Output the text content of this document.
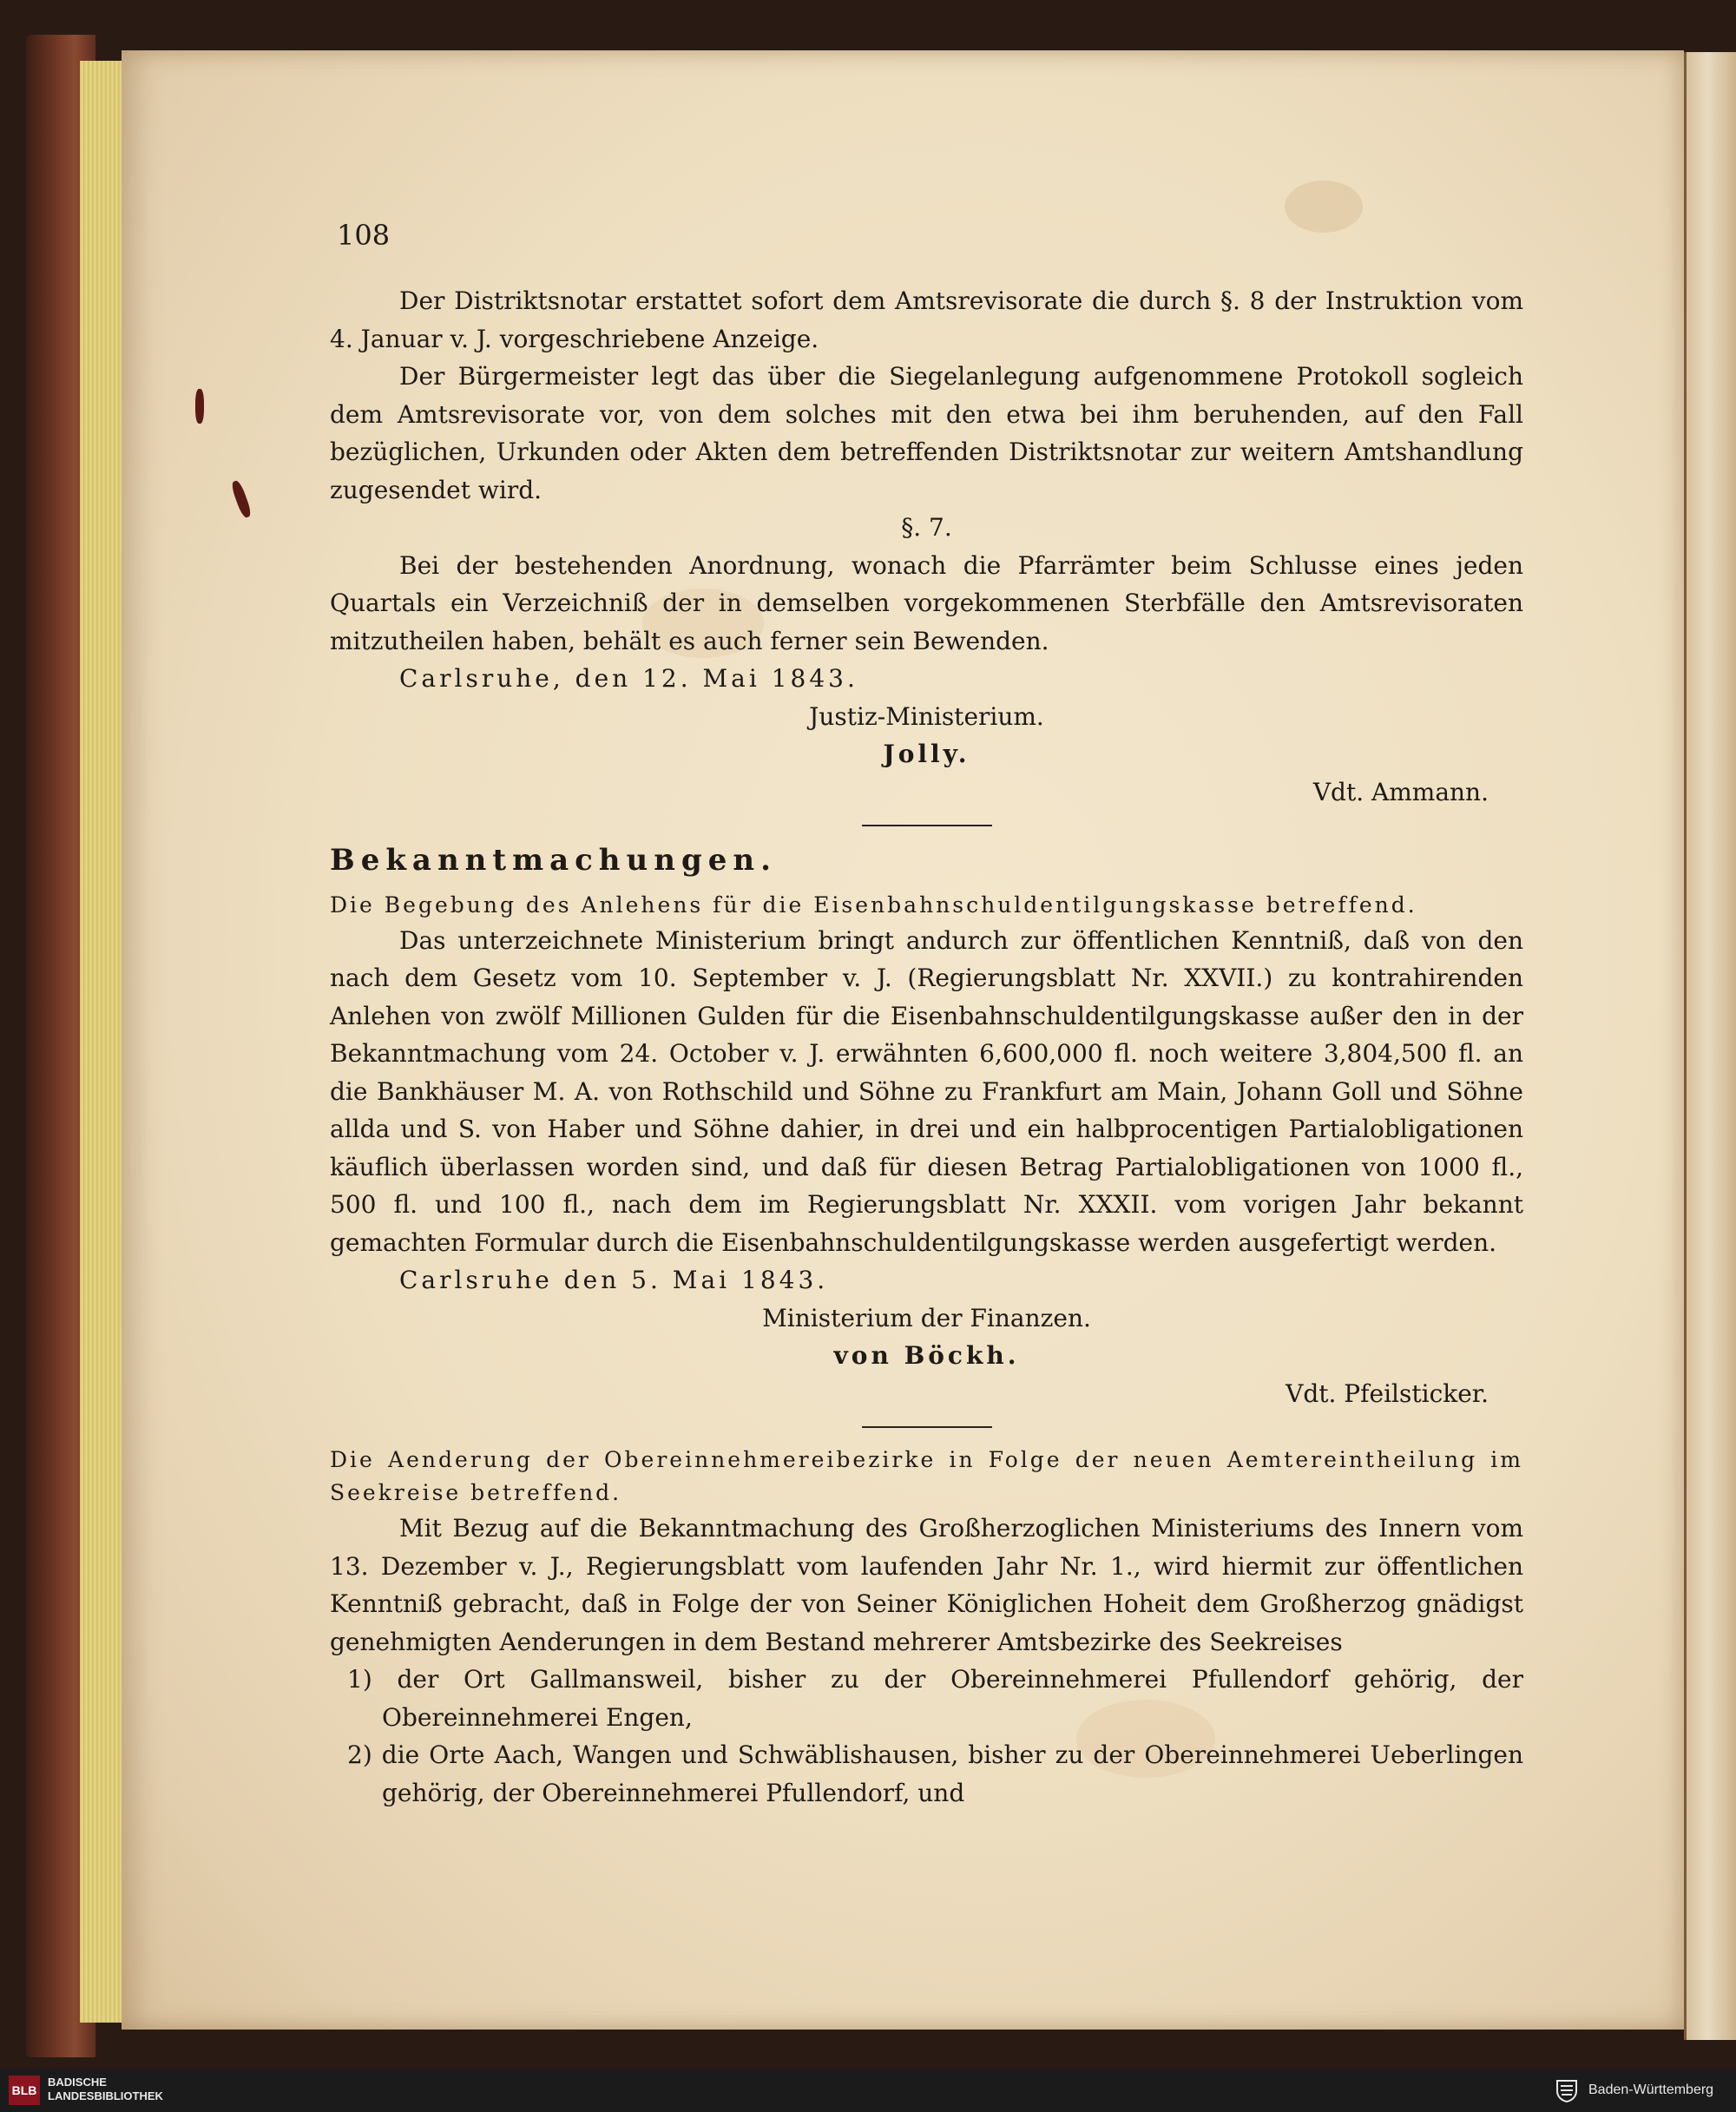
108

Der Distriktsnotar erstattet sofort dem Amtsrevisorate die durch §. 8 der Instruktion vom 4. Januar v. J. vorgeschriebene Anzeige.

Der Bürgermeister legt das über die Siegelanlegung aufgenommene Protokoll sogleich dem Amtsrevisorate vor, von dem solches mit den etwa bei ihm beruhenden, auf den Fall bezüglichen, Urkunden oder Akten dem betreffenden Distriktsnotar zur weitern Amtshandlung zugesendet wird.

§. 7.

Bei der bestehenden Anordnung, wonach die Pfarrämter beim Schlusse eines jeden Quartals ein Verzeichniß der in demselben vorgekommenen Sterbfälle den Amtsrevisoraten mitzutheilen haben, behält es auch ferner sein Bewenden.

Carlsruhe, den 12. Mai 1843.

Justiz-Ministerium.

Jolly.

Vdt. Ammann.

Bekanntmachungen.

Die Begebung des Anlehens für die Eisenbahnschuldentilgungskasse betreffend.

Das unterzeichnete Ministerium bringt andurch zur öffentlichen Kenntniß, daß von den nach dem Gesetz vom 10. September v. J. (Regierungsblatt Nr. XXVII.) zu kontrahirenden Anlehen von zwölf Millionen Gulden für die Eisenbahnschuldentilgungskasse außer den in der Bekanntmachung vom 24. October v. J. erwähnten 6,600,000 fl. noch weitere 3,804,500 fl. an die Bankhäuser M. A. von Rothschild und Söhne zu Frankfurt am Main, Johann Goll und Söhne allda und S. von Haber und Söhne dahier, in drei und ein halbprocentigen Partialobligationen käuflich überlassen worden sind, und daß für diesen Betrag Partialobligationen von 1000 fl., 500 fl. und 100 fl., nach dem im Regierungsblatt Nr. XXXII. vom vorigen Jahr bekannt gemachten Formular durch die Eisenbahnschuldentilgungskasse werden ausgefertigt werden.

Carlsruhe den 5. Mai 1843.

Ministerium der Finanzen.

von Böckh.

Vdt. Pfeilsticker.

Die Aenderung der Obereinnehmereibezirke in Folge der neuen Aemtereintheilung im Seekreise betreffend.

Mit Bezug auf die Bekanntmachung des Großherzoglichen Ministeriums des Innern vom 13. Dezember v. J., Regierungsblatt vom laufenden Jahr Nr. 1., wird hiermit zur öffentlichen Kenntniß gebracht, daß in Folge der von Seiner Königlichen Hoheit dem Großherzog gnädigst genehmigten Aenderungen in dem Bestand mehrerer Amtsbezirke des Seekreises

1) der Ort Gallmansweil, bisher zu der Obereinnehmerei Pfullendorf gehörig, der Obereinnehmerei Engen,

2) die Orte Aach, Wangen und Schwäblishausen, bisher zu der Obereinnehmerei Ueberlingen gehörig, der Obereinnehmerei Pfullendorf, und

BLB
BADISCHE
LANDESBIBLIOTHEK	Baden-Württemberg
